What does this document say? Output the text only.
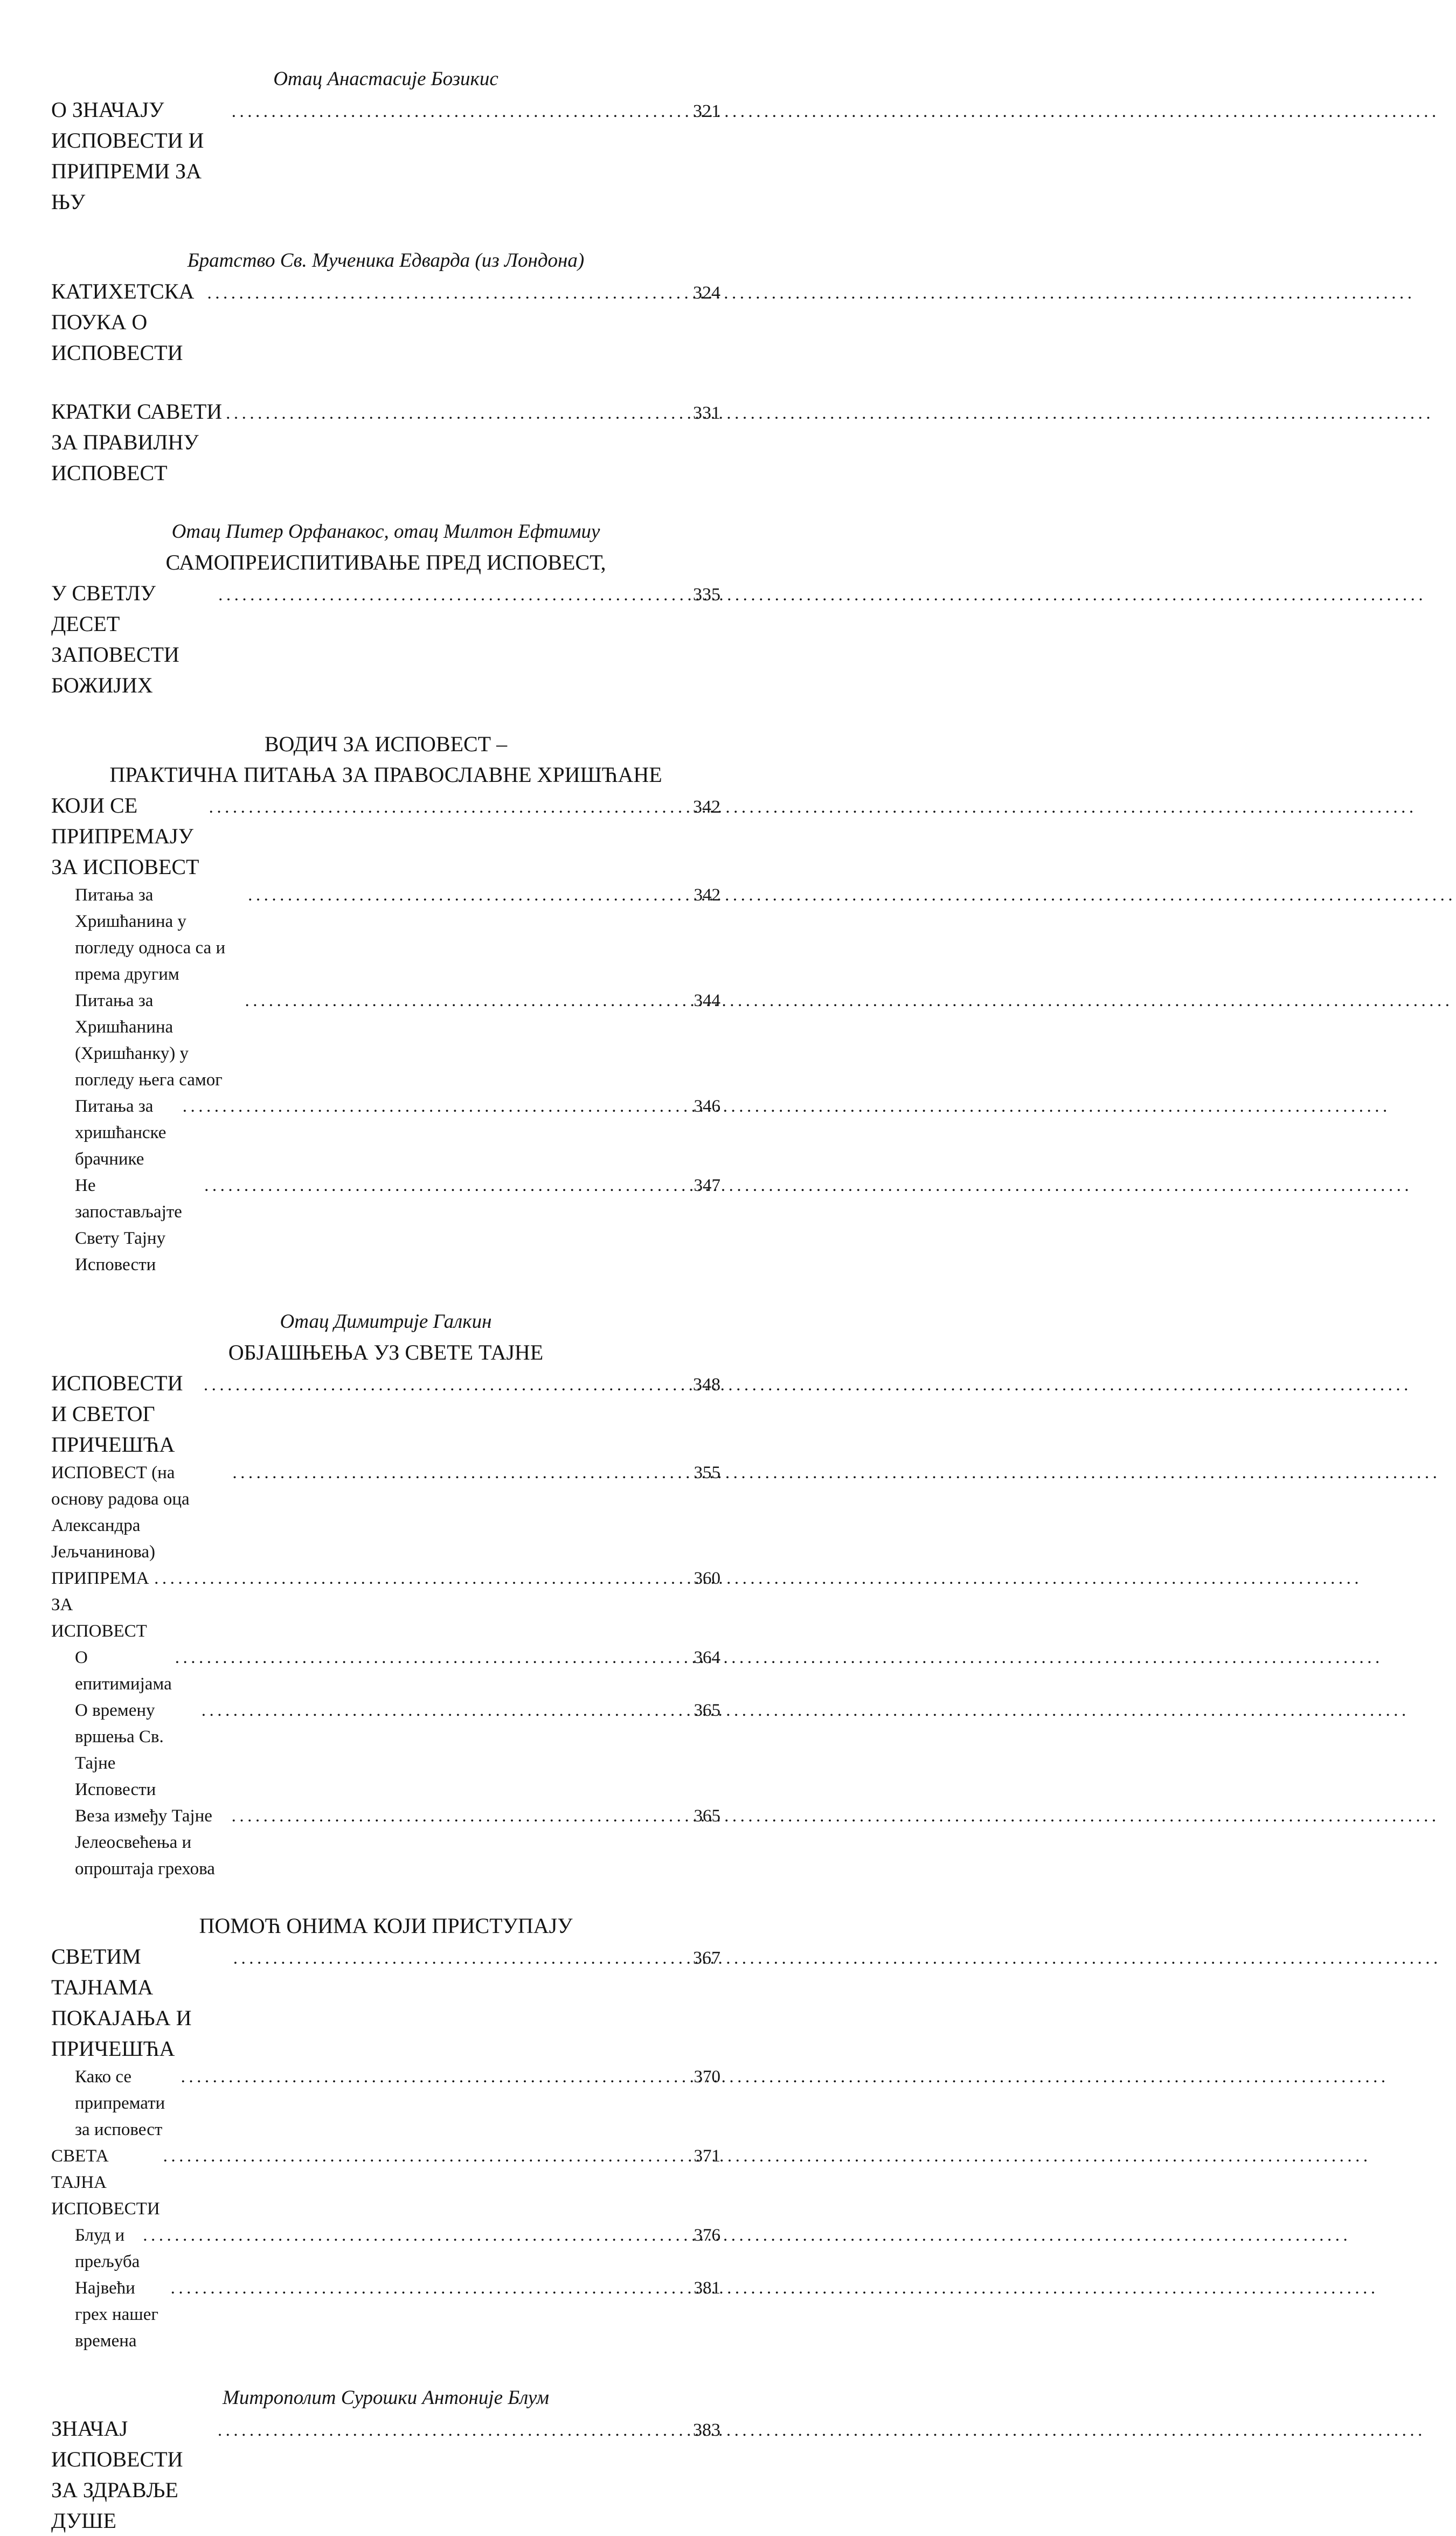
Отац Анастасије Бозикис
О ЗНАЧАЈУ ИСПОВЕСТИ И ПРИПРЕМИ ЗА ЊУ
.....
321
Братство Св. Мученика Едварда (из Лондона)
КАТИХЕТСКА ПОУКА О ИСПОВЕСТИ
.....
324
КРАТКИ САВЕТИ ЗА ПРАВИЛНУ ИСПОВЕСТ
.....
331
Отац Питер Орфанакос, отац Милтон Ефтимиу
САМОПРЕИСПИТИВАЊЕ ПРЕД ИСПОВЕСТ,
У СВЕТЛУ ДЕСЕТ ЗАПОВЕСТИ БОЖИЈИХ
.....
335
ВОДИЧ ЗА ИСПОВЕСТ –
ПРАКТИЧНА ПИТАЊА ЗА ПРАВОСЛАВНЕ ХРИШЋАНЕ
КОЈИ СЕ ПРИПРЕМАЈУ ЗА ИСПОВЕСТ
.....
342
Питања за Хришћанина у погледу односа са и према другим
.....
342
Питања за Хришћанина (Хришћанку) у погледу њега самог
.....
344
Питања за хришћанске брачнике
.....
346
Не запостављајте Свету Тајну Исповести
.....
347
Отац Димитрије Галкин
ОБЈАШЊЕЊА УЗ СВЕТЕ ТАЈНЕ
ИСПОВЕСТИ И СВЕТОГ ПРИЧЕШЋА
.....
348
ИСПОВЕСТ (на основу радова оца Александра Јељчанинова)
.....
355
ПРИПРЕМА ЗА ИСПОВЕСТ
.....
360
О епитимијама
.....
364
О времену вршења Св. Тајне Исповести
.....
365
Веза између Тајне Јелеосвећења и опроштаја грехова
.....
365
ПОМОЋ ОНИМА КОЈИ ПРИСТУПАЈУ
СВЕТИМ ТАЈНАМА ПОКАЈАЊА И ПРИЧЕШЋА
.....
367
Како се припремати за исповест
.....
370
СВЕТА ТАЈНА ИСПОВЕСТИ
.....
371
Блуд и прељуба
.....
376
Највећи грех нашег времена
.....
381
Митрополит Сурошки Антоније Блум
ЗНАЧАЈ ИСПОВЕСТИ ЗА ЗДРАВЉЕ ДУШЕ
.....
383
